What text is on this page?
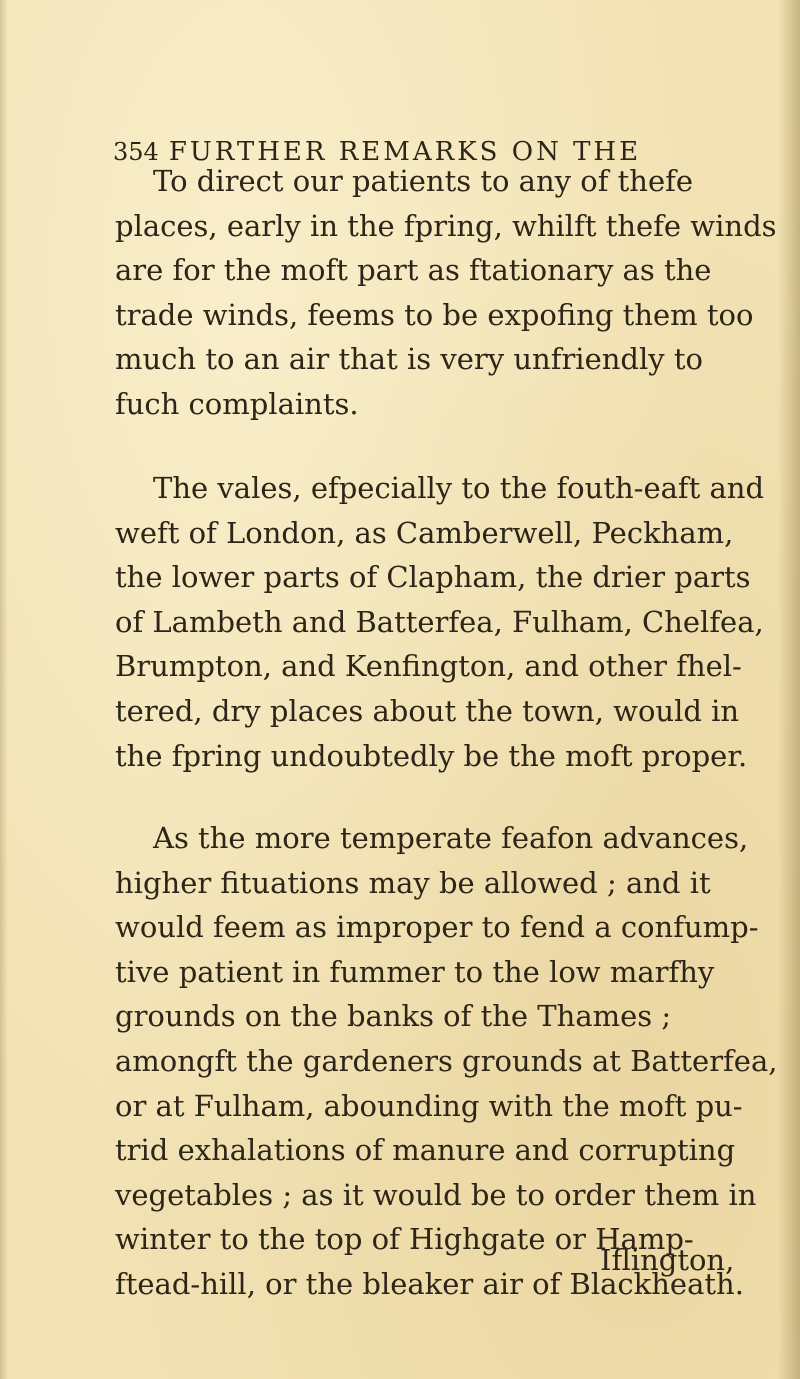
354 FURTHER REMARKS ON THE
To direct our patients to any of thefe
places, early in the fpring, whilft thefe winds
are for the moft part as ftationary as the
trade winds, feems to be expofing them too
much to an air that is very unfriendly to
fuch complaints.
The vales, efpecially to the fouth-eaft and
weft of London, as Camberwell, Peckham,
the lower parts of Clapham, the drier parts
of Lambeth and Batterfea, Fulham, Chelfea,
Brumpton, and Kenfington, and other fhel-
tered, dry places about the town, would in
the fpring undoubtedly be the moft proper.
As the more temperate feafon advances,
higher fituations may be allowed ; and it
would feem as improper to fend a confump-
tive patient in fummer to the low marfhy
grounds on the banks of the Thames ;
amongft the gardeners grounds at Batterfea,
or at Fulham, abounding with the moft pu-
trid exhalations of manure and corrupting
vegetables ; as it would be to order them in
winter to the top of Highgate or Hamp-
ftead-hill, or the bleaker air of Blackheath.
Iflington,
